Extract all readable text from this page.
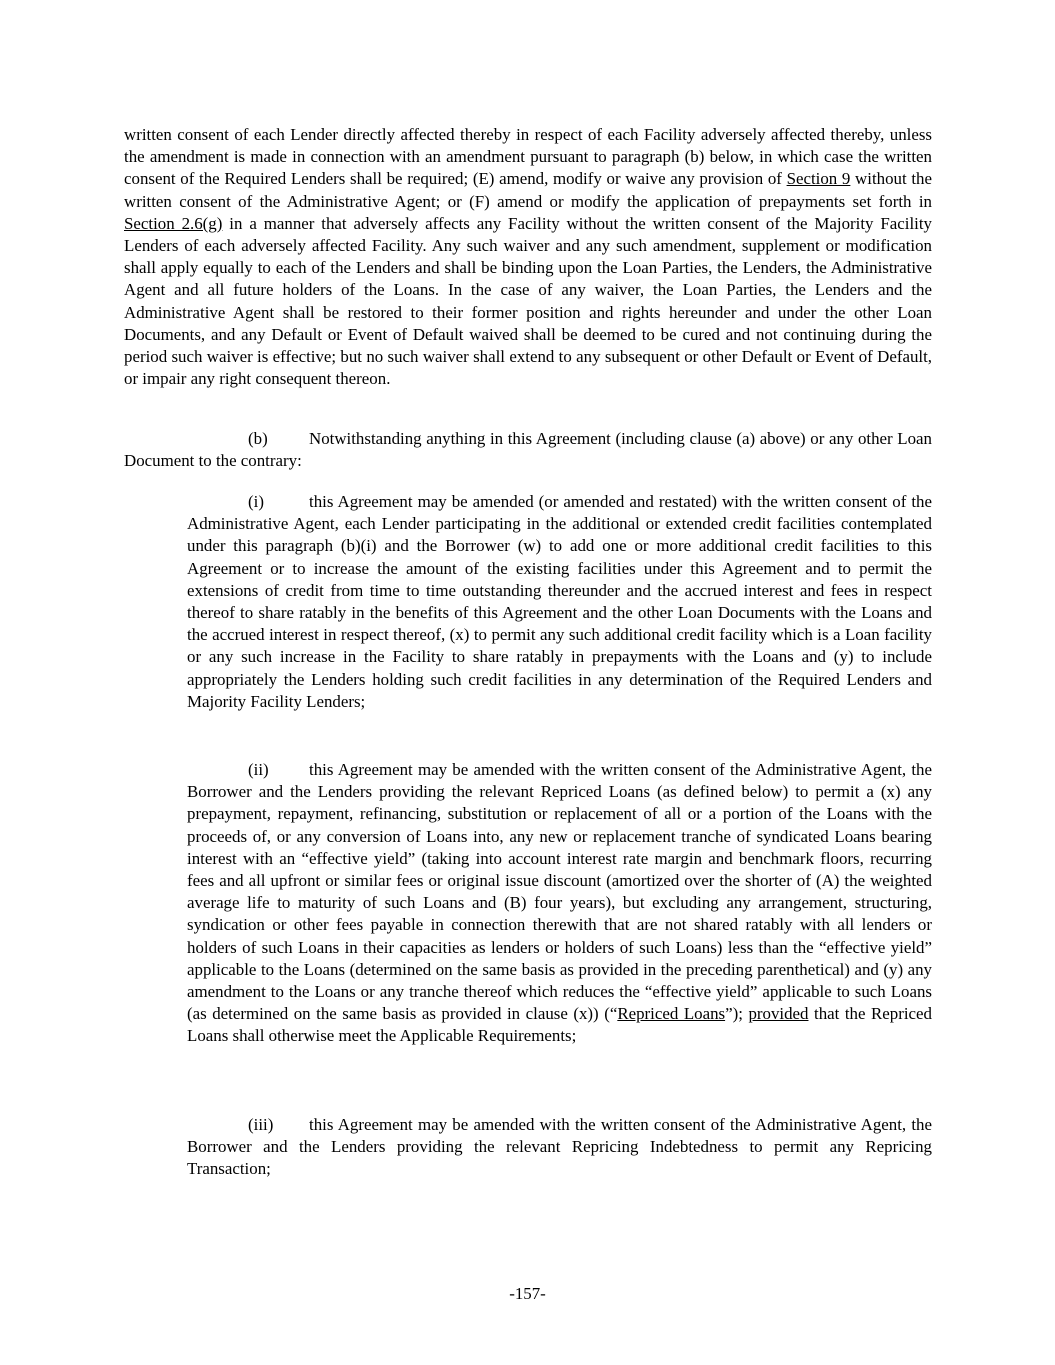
written consent of each Lender directly affected thereby in respect of each Facility adversely affected thereby, unless the amendment is made in connection with an amendment pursuant to paragraph (b) below, in which case the written consent of the Required Lenders shall be required; (E) amend, modify or waive any provision of Section 9 without the written consent of the Administrative Agent; or (F) amend or modify the application of prepayments set forth in Section 2.6(g) in a manner that adversely affects any Facility without the written consent of the Majority Facility Lenders of each adversely affected Facility. Any such waiver and any such amendment, supplement or modification shall apply equally to each of the Lenders and shall be binding upon the Loan Parties, the Lenders, the Administrative Agent and all future holders of the Loans. In the case of any waiver, the Loan Parties, the Lenders and the Administrative Agent shall be restored to their former position and rights hereunder and under the other Loan Documents, and any Default or Event of Default waived shall be deemed to be cured and not continuing during the period such waiver is effective; but no such waiver shall extend to any subsequent or other Default or Event of Default, or impair any right consequent thereon.

(b) Notwithstanding anything in this Agreement (including clause (a) above) or any other Loan Document to the contrary:

(i)	this Agreement may be amended (or amended and restated) with the written consent of the Administrative Agent, each Lender participating in the additional or extended credit facilities contemplated under this paragraph (b)(i) and the Borrower (w) to add one or more additional credit facilities to this Agreement or to increase the amount of the existing facilities under this Agreement and to permit the extensions of credit from time to time outstanding thereunder and the accrued interest and fees in respect thereof to share ratably in the benefits of this Agreement and the other Loan Documents with the Loans and the accrued interest in respect thereof, (x) to permit any such additional credit facility which is a Loan facility or any such increase in the Facility to share ratably in prepayments with the Loans and (y) to include appropriately the Lenders holding such credit facilities in any determination of the Required Lenders and Majority Facility Lenders;

(ii) this Agreement may be amended with the written consent of the Administrative Agent, the Borrower and the Lenders providing the relevant Repriced Loans (as defined below) to permit a (x) any prepayment, repayment, refinancing, substitution or replacement of all or a portion of the Loans with the proceeds of, or any conversion of Loans into, any new or replacement tranche of syndicated Loans bearing interest with an “effective yield” (taking into account interest rate margin and benchmark floors, recurring fees and all upfront or similar fees or original issue discount (amortized over the shorter of (A) the weighted average life to maturity of such Loans and (B) four years), but excluding any arrangement, structuring, syndication or other fees payable in connection therewith that are not shared ratably with all lenders or holders of such Loans in their capacities as lenders or holders of such Loans) less than the “effective yield” applicable to the Loans (determined on the same basis as provided in the preceding parenthetical) and (y) any amendment to the Loans or any tranche thereof which reduces the “effective yield” applicable to such Loans (as determined on the same basis as provided in clause (x)) (“Repriced Loans”); provided that the Repriced Loans shall otherwise meet the Applicable Requirements;

(iii) this Agreement may be amended with the written consent of the Administrative Agent, the Borrower and the Lenders providing the relevant Repricing Indebtedness to permit any Repricing Transaction;

-157-
